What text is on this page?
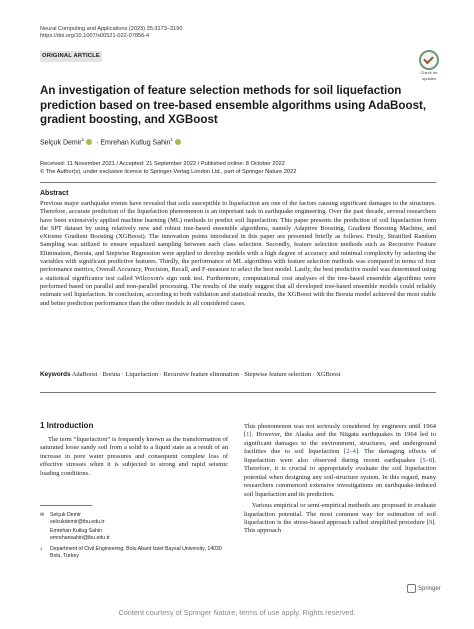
Neural Computing and Applications (2023) 35:3173–3190
https://doi.org/10.1007/s00521-022-07856-4
ORIGINAL ARTICLE
Check for
updates
An investigation of feature selection methods for soil liquefaction prediction based on tree-based ensemble algorithms using AdaBoost, gradient boosting, and XGBoost
Selçuk Demir$^1$ · Emrehan Kutlug Sahin$^1$
Received: 11 November 2021 / Accepted: 21 September 2022 / Published online: 8 October 2022
© The Author(s), under exclusive licence to Springer-Verlag London Ltd., part of Springer Nature 2022
Abstract
Previous major earthquake events have revealed that soils susceptible to liquefaction are one of the factors causing significant damages to the structures. Therefore, accurate prediction of the liquefaction phenomenon is an important task in earthquake engineering. Over the past decade, several researchers have been extensively applied machine learning (ML) methods to predict soil liquefaction. This paper presents the prediction of soil liquefaction from the SPT dataset by using relatively new and robust tree-based ensemble algorithms, namely Adaptive Boosting, Gradient Boosting Machine, and eXtreme Gradient Boosting (XGBoost). The innovation points introduced in this paper are presented briefly as follows. Firstly, Stratified Random Sampling was utilized to ensure equalized sampling between each class selection. Secondly, feature selection methods such as Recursive Feature Elimination, Boruta, and Stepwise Regression were applied to develop models with a high degree of accuracy and minimal complexity by selecting the variables with significant predictive features. Thirdly, the performance of ML algorithms with feature selection methods was compared in terms of four performance metrics, Overall Accuracy, Precision, Recall, and F-measure to select the best model. Lastly, the best predictive model was determined using a statistical significance test called Wilcoxon's sign rank test. Furthermore, computational cost analyses of the tree-based ensemble algorithms were performed based on parallel and non-parallel processing. The results of the study suggest that all developed tree-based ensemble models could reliably estimate soil liquefaction. In conclusion, according to both validation and statistical results, the XGBoost with the Boruta model achieved the most stable and better prediction performance than the other models in all considered cases.
Keywords AdaBoost · Boruta · Liquefaction · Recursive feature elimination · Stepwise feature selection · XGBoost
1 Introduction

The term “liquefaction” is frequently known as the transformation of saturated loose sandy soil from a solid to a liquid state as a result of an increase in pore water pressures and consequent complete loss of effective stresses when it is subjected to strong and rapid seismic loading conditions.

✉ Selçuk Demir
selcukdemir@ibu.edu.tr
Emrehan Kutlug Sahin
emrehansahin@ibu.edu.tr
1	Department of Civil Engineering, Bolu Abant Izzet Baysal University, 14030 Bolu, Turkey

This phenomenon was not seriously considered by engineers until 1964 [1]. However, the Alaska and the Niigata earthquakes in 1964 led to significant damages to the environment, structures, and underground facilities due to soil liquefaction [2–4]. The damaging effects of liquefaction were also observed during recent earthquakes [5–8]. Therefore, it is crucial to appropriately evaluate the soil liquefaction potential when designing any soil-structure system. In this regard, many researchers commenced extensive investigations on earthquake-induced soil liquefaction and its prediction.

Various empirical or semi-empirical methods are proposed to evaluate liquefaction potential. The most common way for estimation of soil liquefaction is the stress-based approach called simplified procedure [9]. This approach

Springer
Content courtesy of Springer Nature, terms of use apply. Rights reserved.
